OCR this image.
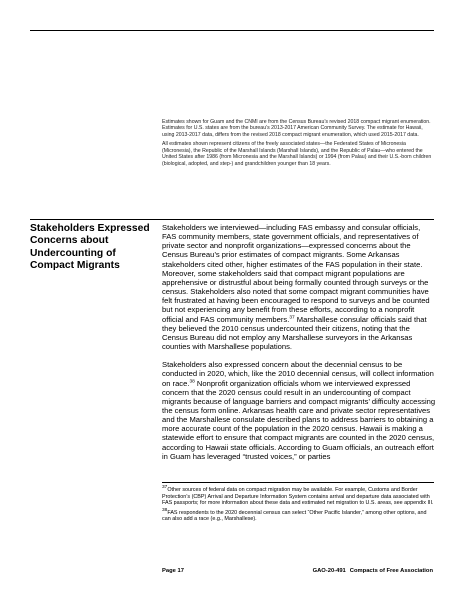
Estimates shown for Guam and the CNMI are from the Census Bureau’s revised 2018 compact migrant enumeration. Estimates for U.S. states are from the bureau’s 2013-2017 American Community Survey. The estimate for Hawaii, using 2013-2017 data, differs from the revised 2018 compact migrant enumeration, which used 2015-2017 data.

All estimates shown represent citizens of the freely associated states—the Federated States of Micronesia (Micronesia), the Republic of the Marshall Islands (Marshall Islands), and the Republic of Palau—who entered the United States after 1986 (from Micronesia and the Marshall Islands) or 1994 (from Palau) and their U.S.-born children (biological, adopted, and step-) and grandchildren younger than 18 years.

Stakeholders Expressed Concerns about Undercounting of Compact Migrants

Stakeholders we interviewed—including FAS embassy and consular officials, FAS community members, state government officials, and representatives of private sector and nonprofit organizations—expressed concerns about the Census Bureau’s prior estimates of compact migrants. Some Arkansas stakeholders cited other, higher estimates of the FAS population in their state. Moreover, some stakeholders said that compact migrant populations are apprehensive or distrustful about being formally counted through surveys or the census. Stakeholders also noted that some compact migrant communities have felt frustrated at having been encouraged to respond to surveys and be counted but not experiencing any benefit from these efforts, according to a nonprofit official and FAS community members.$^{37}$ Marshallese consular officials said that they believed the 2010 census undercounted their citizens, noting that the Census Bureau did not employ any Marshallese surveyors in the Arkansas counties with Marshallese populations.

Stakeholders also expressed concern about the decennial census to be conducted in 2020, which, like the 2010 decennial census, will collect information on race.$^{38}$ Nonprofit organization officials whom we interviewed expressed concern that the 2020 census could result in an undercounting of compact migrants because of language barriers and compact migrants’ difficulty accessing the census form online. Arkansas health care and private sector representatives and the Marshallese consulate described plans to address barriers to obtaining a more accurate count of the population in the 2020 census. Hawaii is making a statewide effort to ensure that compact migrants are counted in the 2020 census, according to Hawaii state officials. According to Guam officials, an outreach effort in Guam has leveraged “trusted voices,” or parties

$^{37}$Other sources of federal data on compact migration may be available. For example, Customs and Border Protection’s (CBP) Arrival and Departure Information System contains arrival and departure data associated with FAS passports; for more information about these data and estimated net migration to U.S. areas, see appendix III.

$^{38}$FAS respondents to the 2020 decennial census can select “Other Pacific Islander,” among other options, and can also add a race (e.g., Marshallese).

Page 17	GAO-20-491 Compacts of Free Association
